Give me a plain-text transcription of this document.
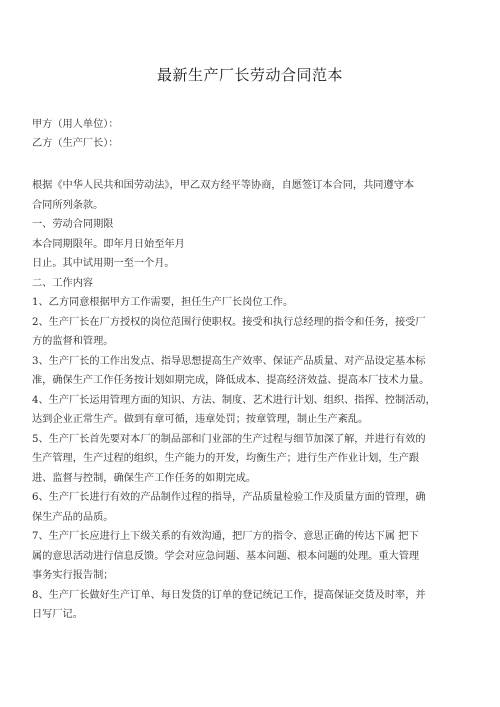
最新生产厂长劳动合同范本
甲方（用人单位）：
乙方（生产厂长）：
根据《中华人民共和国劳动法》，甲乙双方经平等协商，自愿签订本合同，共同遵守本
合同所列条款。
一、劳动合同期限
本合同期限年。即年月日始至年月
日止。其中试用期一至一个月。
二、工作内容
1、乙方同意根据甲方工作需要，担任生产厂长岗位工作。
2、生产厂长在厂方授权的岗位范围行使职权。接受和执行总经理的指令和任务，接受厂
方的监督和管理。
3、生产厂长的工作出发点、指导思想提高生产效率、保证产品质量、对产品设定基本标
准，确保生产工作任务按计划如期完成，降低成本、提高经济效益、提高本厂技术力量。
4、生产厂长运用管理方面的知识、方法、制度、艺术进行计划、组织、指挥、控制活动，
达到企业正常生产。做到有章可循，违章处罚；按章管理，制止生产紊乱。
5、生产厂长首先要对本厂的制品部和门业部的生产过程与细节加深了解，并进行有效的
生产管理，生产过程的组织，生产能力的开发，均衡生产；进行生产作业计划，生产跟
进、监督与控制，确保生产工作任务的如期完成。
6、生产厂长进行有效的产品制作过程的指导，产品质量检验工作及质量方面的管理，确
保生产品的品质。
7、生产厂长应进行上下级关系的有效沟通，把厂方的指令、意思正确的传达下属 把下
属的意思活动进行信息反馈。学会对应急问题、基本问题、根本问题的处理。重大管理
事务实行报告制；
8、生产厂长做好生产订单、每日发货的订单的登记统记工作，提高保证交货及时率，并
日写厂记。
